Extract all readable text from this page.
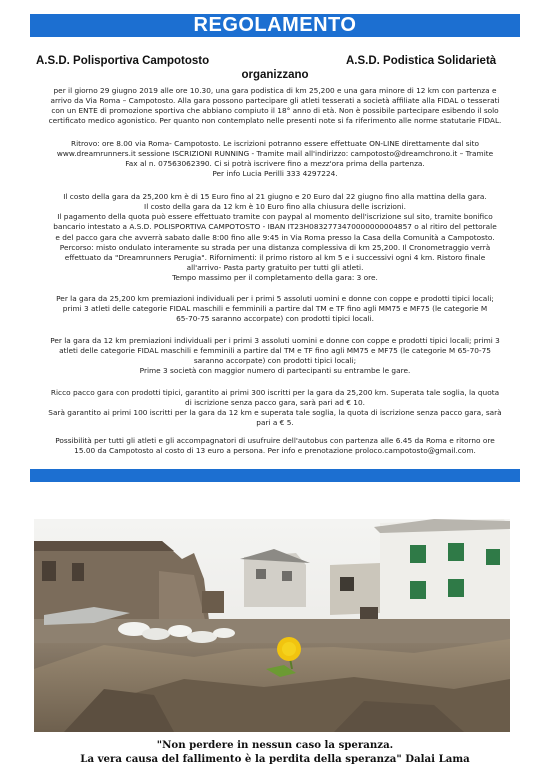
REGOLAMENTO
A.S.D. Polisportiva Campotosto	A.S.D. Podistica Solidarietà
organizzano

per il giorno 29 giugno 2019 alle ore 10.30, una gara podistica di km 25,200 e una gara minore di 12 km con partenza e

arrivo da Via Roma – Campotosto. Alla gara possono partecipare gli atleti tesserati a società affiliate alla FIDAL o tesserati

con un ENTE di promozione sportiva che abbiano compiuto il 18° anno di età. Non è possibile partecipare esibendo il solo

certificato medico agonistico. Per quanto non contemplato nelle presenti note si fa riferimento alle norme statutarie FIDAL.

Ritrovo: ore 8.00 via Roma- Campotosto. Le iscrizioni potranno essere effettuate ON-LINE direttamente dal sito

www.dreamrunners.it sessione ISCRIZIONI RUNNING - Tramite mail all'indirizzo: campotosto@dreamchrono.it – Tramite

Fax al n. 07563062390. Ci si potrà iscrivere fino a mezz'ora prima della partenza.

Per info Lucia Perilli 333 4297224.

Il costo della gara da 25,200 km è di 15 Euro fino al 21 giugno e 20 Euro dal 22 giugno fino alla mattina della gara.

Il costo della gara da 12 km è 10 Euro fino alla chiusura delle iscrizioni.

Il pagamento della quota può essere effettuato tramite con paypal al momento dell'iscrizione sul sito, tramite bonifico

bancario intestato a A.S.D. POLISPORTIVA CAMPOTOSTO - IBAN IT23H0832773470000000004857 o al ritiro del pettorale

e del pacco gara che avverrà sabato dalle 8:00 fino alle 9:45 in Via Roma presso la Casa della Comunità a Campotosto.

Percorso: misto ondulato interamente su strada per una distanza complessiva di km 25,200. Il Cronometraggio verrà

effettuato da "Dreamrunners Perugia". Rifornimenti: il primo ristoro al km 5 e i successivi ogni 4 km. Ristoro finale

all'arrivo- Pasta party gratuito per tutti gli atleti.

Tempo massimo per il completamento della gara: 3 ore.

Per la gara da 25,200 km premiazioni individuali per i primi 5 assoluti uomini e donne con coppe e prodotti tipici locali;

primi 3 atleti delle categorie FIDAL maschili e femminili a partire dal TM e TF fino agli MM75 e MF75 (le categorie M

65-70-75 saranno accorpate) con prodotti tipici locali.

Per la gara da 12 km premiazioni individuali per i primi 3 assoluti uomini e donne con coppe e prodotti tipici locali; primi 3

atleti delle categorie FIDAL maschili e femminili a partire dal TM e TF fino agli MM75 e MF75 (le categorie M 65-70-75

saranno accorpate) con prodotti tipici locali;

Prime 3 società con maggior numero di partecipanti su entrambe le gare.

Ricco pacco gara con prodotti tipici, garantito ai primi 300 iscritti per la gara da 25,200 km. Superata tale soglia, la quota

di iscrizione senza pacco gara, sarà pari ad € 10.

Sarà garantito ai primi 100 iscritti per la gara da 12 km e superata tale soglia, la quota di iscrizione senza pacco gara, sarà

pari a € 5.

Possibilità per tutti gli atleti e gli accompagnatori di usufruire dell'autobus con partenza alle 6.45 da Roma e ritorno ore

15.00 da Campotosto al costo di 13 euro a persona. Per info e prenotazione proloco.campotosto@gmail.com.

"Non perdere in nessun caso la speranza.
La vera causa del fallimento è la perdita della speranza" Dalai Lama
